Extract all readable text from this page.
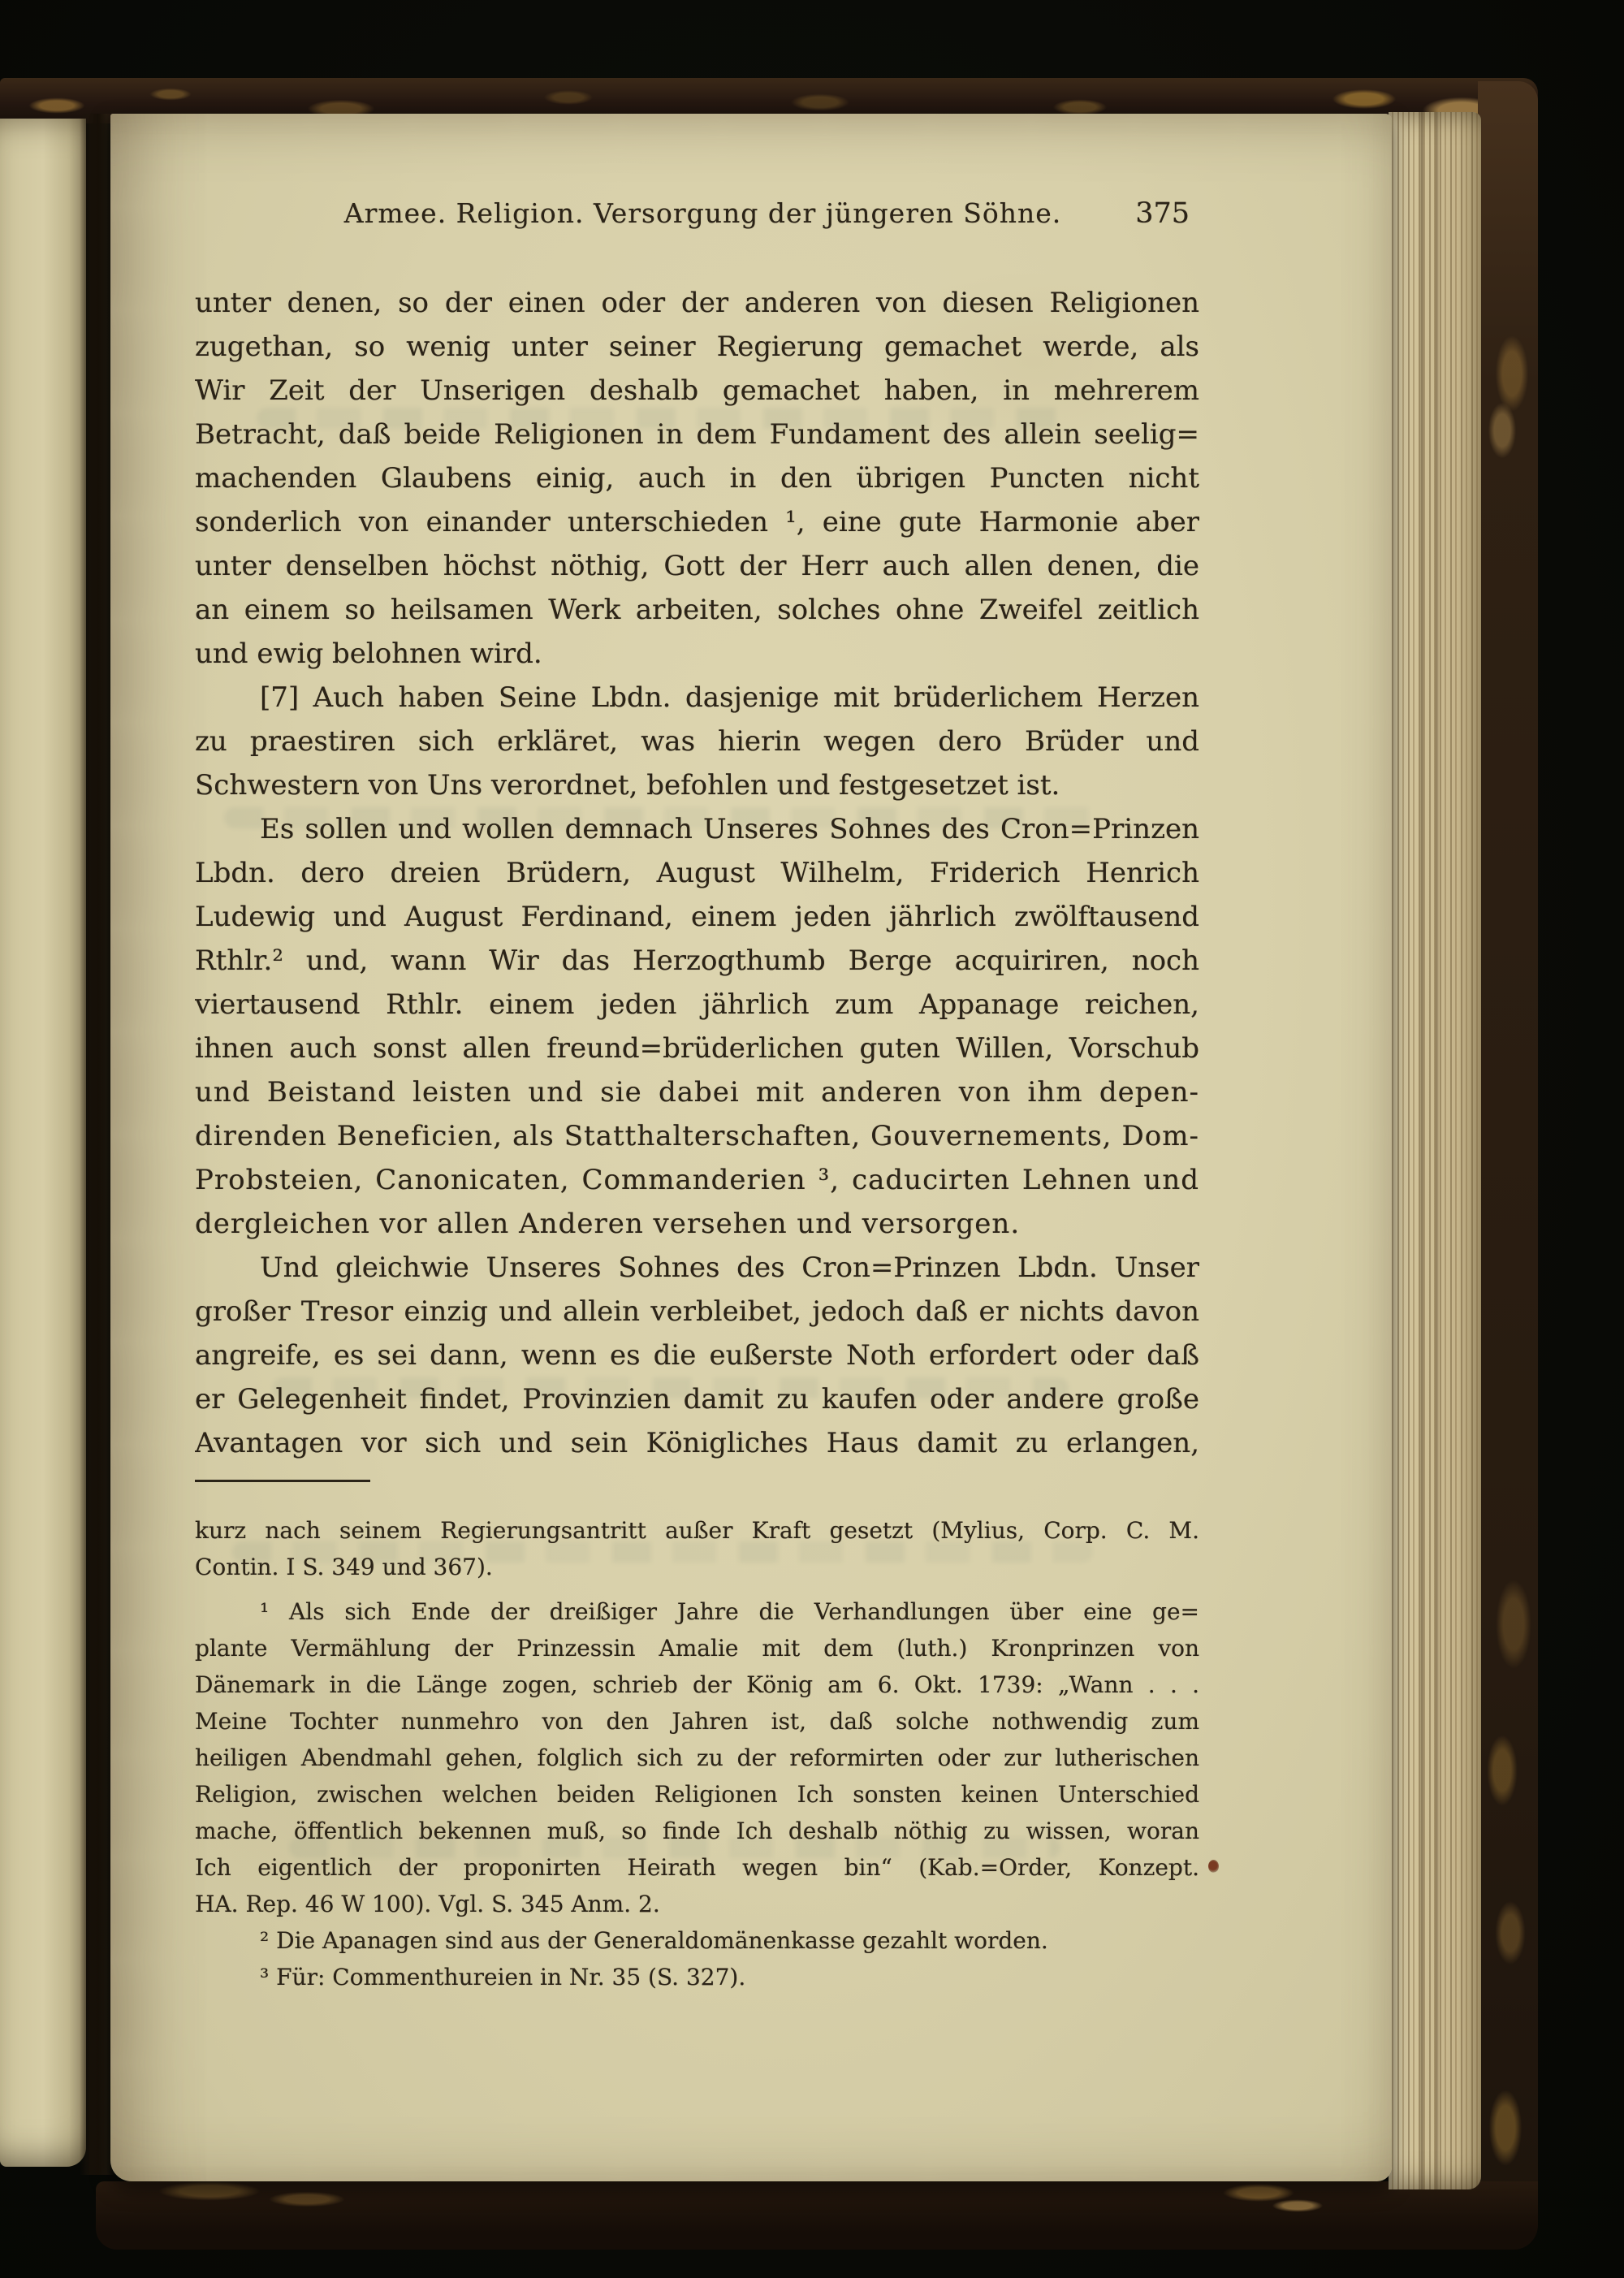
Armee. Religion. Versorgung der jüngeren Söhne.	375
unter denen, so der einen oder der anderen von diesen Religionen
zugethan, so wenig unter seiner Regierung gemachet werde, als
Wir Zeit der Unserigen deshalb gemachet haben, in mehrerem
Betracht, daß beide Religionen in dem Fundament des allein seelig=
machenden Glaubens einig, auch in den übrigen Puncten nicht
sonderlich von einander unterschieden ¹, eine gute Harmonie aber
unter denselben höchst nöthig, Gott der Herr auch allen denen, die
an einem so heilsamen Werk arbeiten, solches ohne Zweifel zeitlich
und ewig belohnen wird.
[7] Auch haben Seine Lbdn. dasjenige mit brüderlichem Herzen
zu praestiren sich erkläret, was hierin wegen dero Brüder und
Schwestern von Uns verordnet, befohlen und festgesetzet ist.
Es sollen und wollen demnach Unseres Sohnes des Cron=Prinzen
Lbdn. dero dreien Brüdern, August Wilhelm, Friderich Henrich
Ludewig und August Ferdinand, einem jeden jährlich zwölftausend
Rthlr.² und, wann Wir das Herzogthumb Berge acquiriren, noch
viertausend Rthlr. einem jeden jährlich zum Appanage reichen,
ihnen auch sonst allen freund=brüderlichen guten Willen, Vorschub
und Beistand leisten und sie dabei mit anderen von ihm depen-
direnden Beneficien, als Statthalterschaften, Gouvernements, Dom-
Probsteien, Canonicaten, Commanderien ³, caducirten Lehnen und
dergleichen vor allen Anderen versehen und versorgen.
Und gleichwie Unseres Sohnes des Cron=Prinzen Lbdn. Unser
großer Tresor einzig und allein verbleibet, jedoch daß er nichts davon
angreife, es sei dann, wenn es die eußerste Noth erfordert oder daß
er Gelegenheit findet, Provinzien damit zu kaufen oder andere große
Avantagen vor sich und sein Königliches Haus damit zu erlangen,
kurz nach seinem Regierungsantritt außer Kraft gesetzt (Mylius, Corp. C. M.
Contin. I S. 349 und 367).
¹ Als sich Ende der dreißiger Jahre die Verhandlungen über eine ge=
plante Vermählung der Prinzessin Amalie mit dem (luth.) Kronprinzen von
Dänemark in die Länge zogen, schrieb der König am 6. Okt. 1739: „Wann . . .
Meine Tochter nunmehro von den Jahren ist, daß solche nothwendig zum
heiligen Abendmahl gehen, folglich sich zu der reformirten oder zur lutherischen
Religion, zwischen welchen beiden Religionen Ich sonsten keinen Unterschied
mache, öffentlich bekennen muß, so finde Ich deshalb nöthig zu wissen, woran
Ich eigentlich der proponirten Heirath wegen bin“ (Kab.=Order, Konzept.
HA. Rep. 46 W 100). Vgl. S. 345 Anm. 2.
² Die Apanagen sind aus der Generaldomänenkasse gezahlt worden.
³ Für: Commenthureien in Nr. 35 (S. 327).
